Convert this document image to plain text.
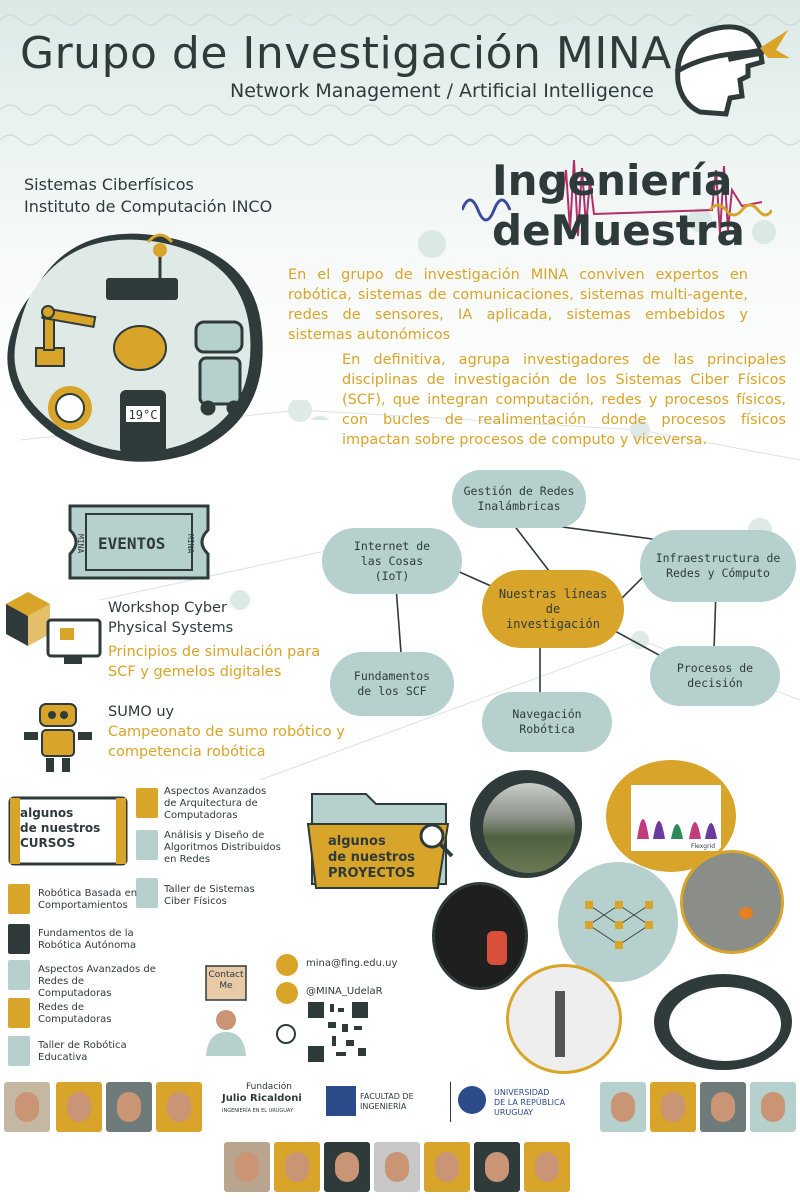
Grupo de Investigación MINA
Network Management / Artificial Intelligence
Sistemas Ciberfísicos
Instituto de Computación INCO
Ingeniería
deMuestra
En el grupo de investigación MINA conviven expertos en robótica, sistemas de comunicaciones, sistemas multi-agente, redes de sensores, IA aplicada, sistemas embebidos y sistemas autonómicos
En definitiva, agrupa investigadores de las principales disciplinas de investigación de los Sistemas Ciber Físicos (SCF), que integran computación, redes y procesos físicos, con bucles de realimentación donde procesos físicos impactan sobre procesos de computo y viceversa.
19°C
EVENTOS
MINA	MINA
Workshop Cyber Physical Systems
Principios de simulación para SCF y gemelos digitales
SUMO uy
Campeonato de sumo robótico y competencia robótica
Gestión de Redes Inalámbricas
Internet de las Cosas (IoT)
Infraestructura de Redes y Cómputo
Nuestras líneas de investigación
Fundamentos de los SCF
Procesos de decisión
Navegación Robótica
algunos
de nuestros
CURSOS
Aspectos Avanzados de Arquitectura de Computadoras
Análisis y Diseño de Algoritmos Distribuidos en Redes
Taller de Sistemas Ciber Físicos
Robótica Basada en Comportamientos
Fundamentos de la Robótica Autónoma
Aspectos Avanzados de Redes de Computadoras
Redes de Computadoras
Taller de Robótica Educativa
algunos
de nuestros
PROYECTOS
Flexgrid
Contact Me
mina@fing.edu.uy
@MINA_UdelaR
Fundación
Julio Ricaldoni
INGENIERÍA EN EL URUGUAY
FACULTAD DE
INGENIERÍA
UNIVERSIDAD
DE LA REPÚBLICA
URUGUAY
